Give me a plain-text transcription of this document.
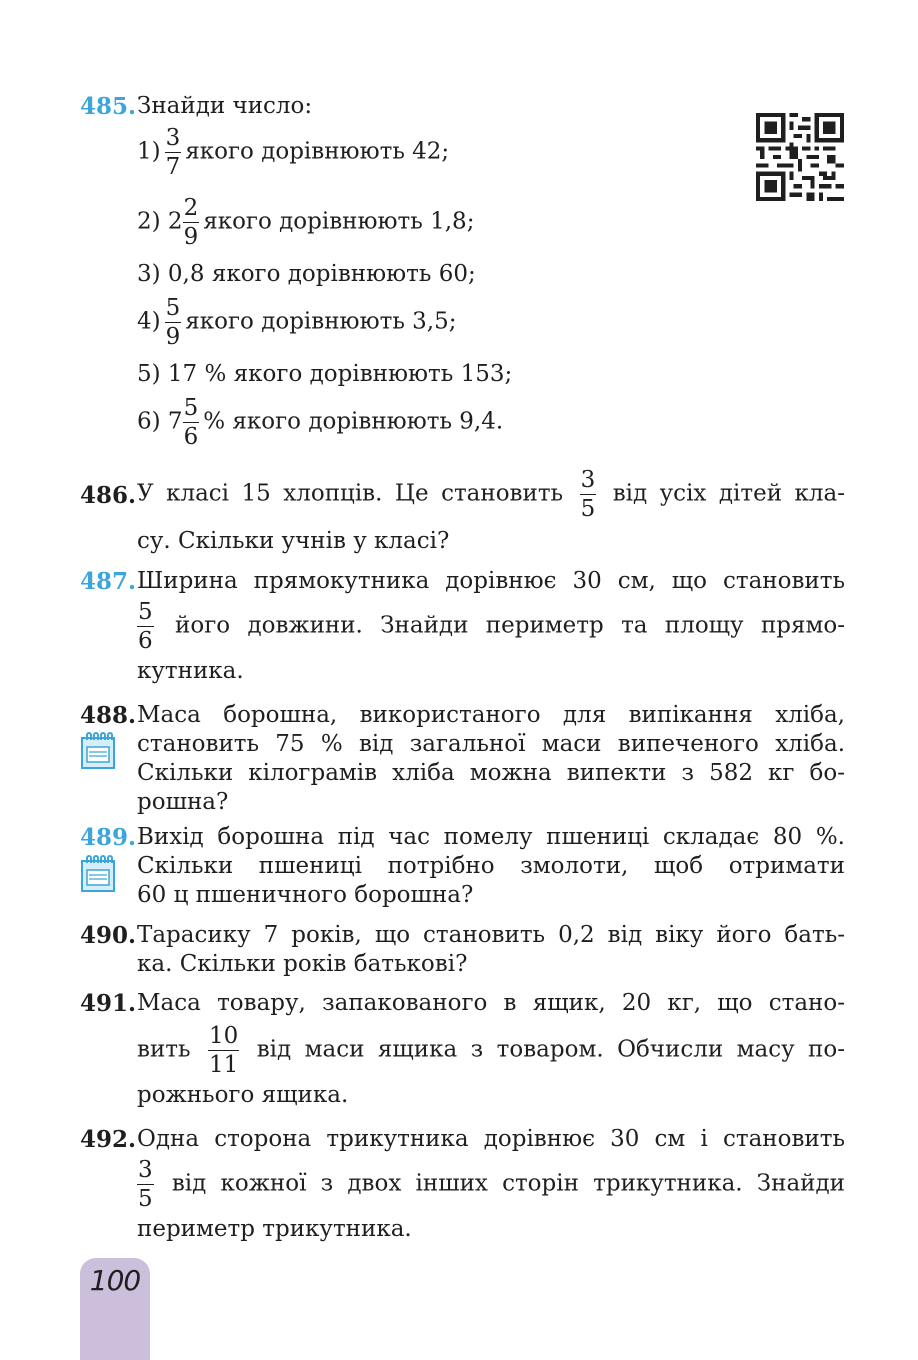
485. Знайди число:
$1) \frac{3}{7}$ якого дорівнюють 42;
2) $2 \frac{2}{9}$ якого дорівнюють 1,8;
3) 0,8 якого дорівнюють 60;
$4) \frac{5}{9}$ якого дорівнюють 3,5;
5) 17 % якого дорівнюють 153;
6) $7 \frac{5}{6}$ % якого дорівнюють 9,4.
486. У класі 15 хлопців. Це становить $\frac{3}{5}$ від усіх дітей кла-
су. Скільки учнів у класі?
487. Ширина прямокутника дорівнює 30 см, що становить
$\frac{5}{6}$ його довжини. Знайди периметр та площу прямо-
кутника.
488. Маса борошна, використаного для випікання хліба,
становить 75 % від загальної маси випеченого хліба.
Скільки кілограмів хліба можна випекти з 582 кг бо-
рошна?
489. Вихід борошна під час помелу пшениці складає 80 %.
Скільки пшениці потрібно змолоти, щоб отримати
60 ц пшеничного борошна?
490. Тарасику 7 років, що становить 0,2 від віку його бать-
ка. Скільки років батькові?
491. Маса товару, запакованого в ящик, 20 кг, що стано-
вить $\frac{10}{11}$ від маси ящика з товаром. Обчисли масу по-
рожнього ящика.
492. Одна сторона трикутника дорівнює 30 см і становить
$\frac{3}{5}$ від кожної з двох інших сторін трикутника. Знайди
периметр трикутника.
100
